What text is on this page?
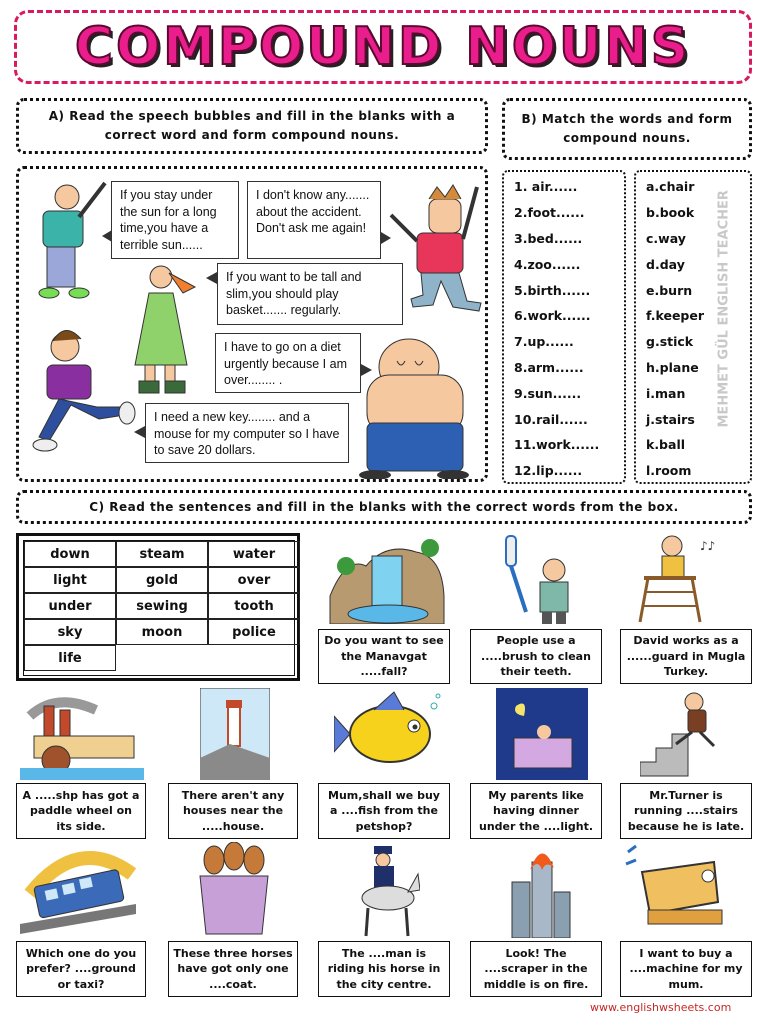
COMPOUND NOUNS
A) Read the speech bubbles and fill in the blanks with a correct word and form compound nouns.
B) Match the words and form compound nouns.
If you stay under the sun for a long time,you have a terrible sun......
I don't know any....... about the accident. Don't ask me again!
If you want to be tall and slim,you should play basket....... regularly.
I have to go on a diet urgently because I am over........ .
I need a new key........ and a mouse for my computer so I have to save 20 dollars.
1. air......
2.foot......
3.bed......
4.zoo......
5.birth......
6.work......
7.up......
8.arm......
9.sun......
10.rail......
11.work......
12.lip......
a.chair
b.book
c.way
d.day
e.burn
f.keeper
g.stick
h.plane
i.man
j.stairs
k.ball
l.room
MEHMET GÜL ENGLISH TEACHER
C) Read the sentences and fill in the blanks with the correct words from the box.
down	steam	water
light	gold	over
under	sewing	tooth
sky	moon	police
life
♪♪
Do you want to see the Manavgat .....fall?
People use a .....brush to clean their teeth.
David works as a ......guard in Mugla Turkey.
A .....shp has got a paddle wheel on its side.
There aren't any houses near the .....house.
Mum,shall we buy a ....fish from the petshop?
My parents like having dinner under the ....light.
Mr.Turner is running ....stairs because he is late.
Which one do you prefer? ....ground or taxi?
These three horses have got only one ....coat.
The ....man is riding his horse in the city centre.
Look! The ....scraper in the middle is on fire.
I want to buy a ....machine for my mum.
www.englishwsheets.com
